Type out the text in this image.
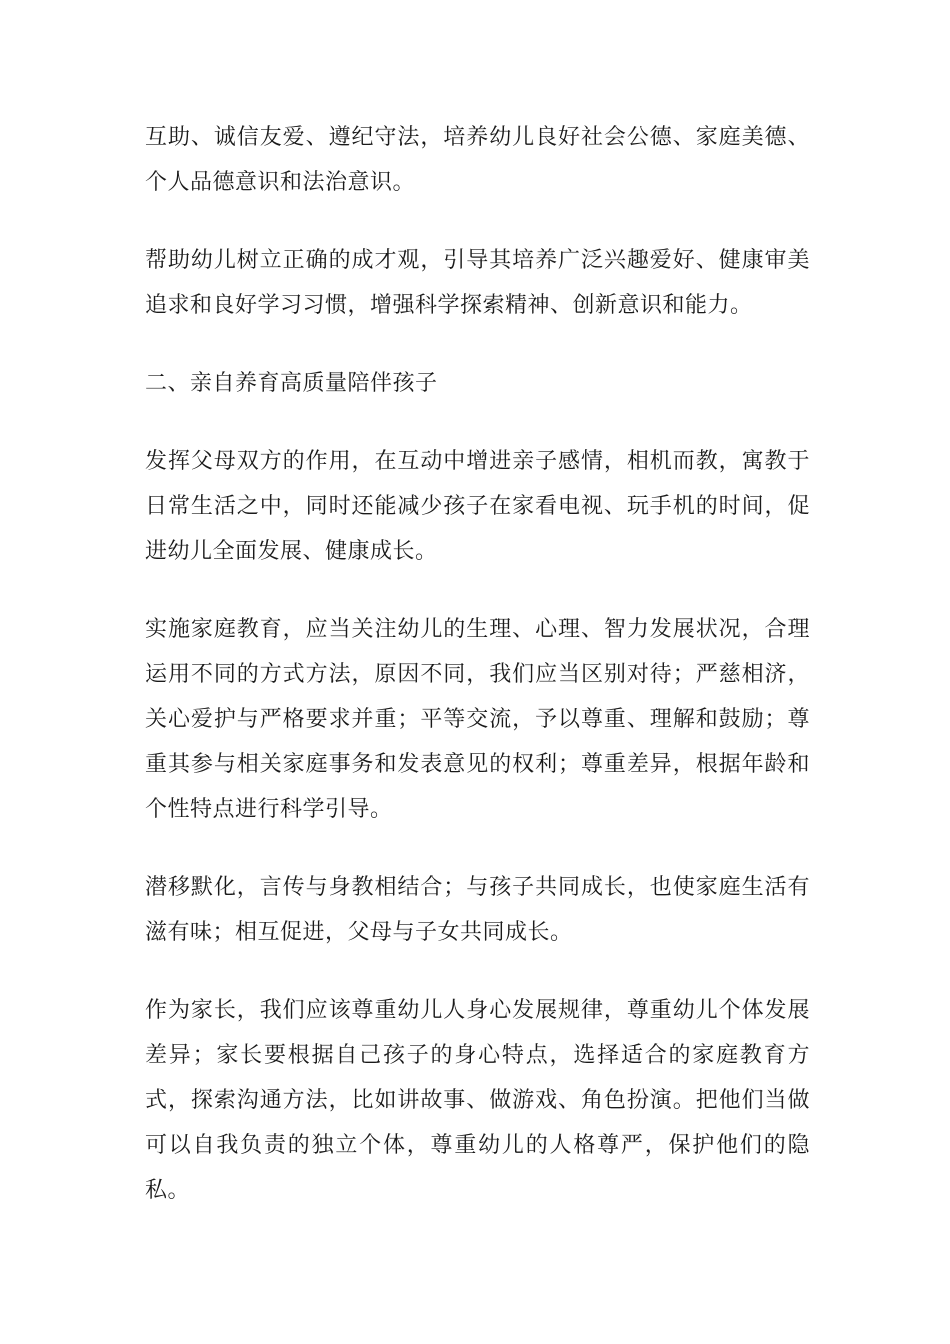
互助、诚信友爱、遵纪守法，培养幼儿良好社会公德、家庭美德、个人品德意识和法治意识。

帮助幼儿树立正确的成才观，引导其培养广泛兴趣爱好、健康审美追求和良好学习习惯，增强科学探索精神、创新意识和能力。

二、亲自养育高质量陪伴孩子

发挥父母双方的作用，在互动中增进亲子感情，相机而教，寓教于日常生活之中，同时还能减少孩子在家看电视、玩手机的时间，促进幼儿全面发展、健康成长。

实施家庭教育，应当关注幼儿的生理、心理、智力发展状况，合理运用不同的方式方法，原因不同，我们应当区别对待；严慈相济，关心爱护与严格要求并重；平等交流，予以尊重、理解和鼓励；尊重其参与相关家庭事务和发表意见的权利；尊重差异，根据年龄和个性特点进行科学引导。

潜移默化，言传与身教相结合；与孩子共同成长，也使家庭生活有滋有味；相互促进，父母与子女共同成长。

作为家长，我们应该尊重幼儿人身心发展规律，尊重幼儿个体发展差异；家长要根据自己孩子的身心特点，选择适合的家庭教育方式，探索沟通方法，比如讲故事、做游戏、角色扮演。把他们当做可以自我负责的独立个体，尊重幼儿的人格尊严，保护他们的隐私。
